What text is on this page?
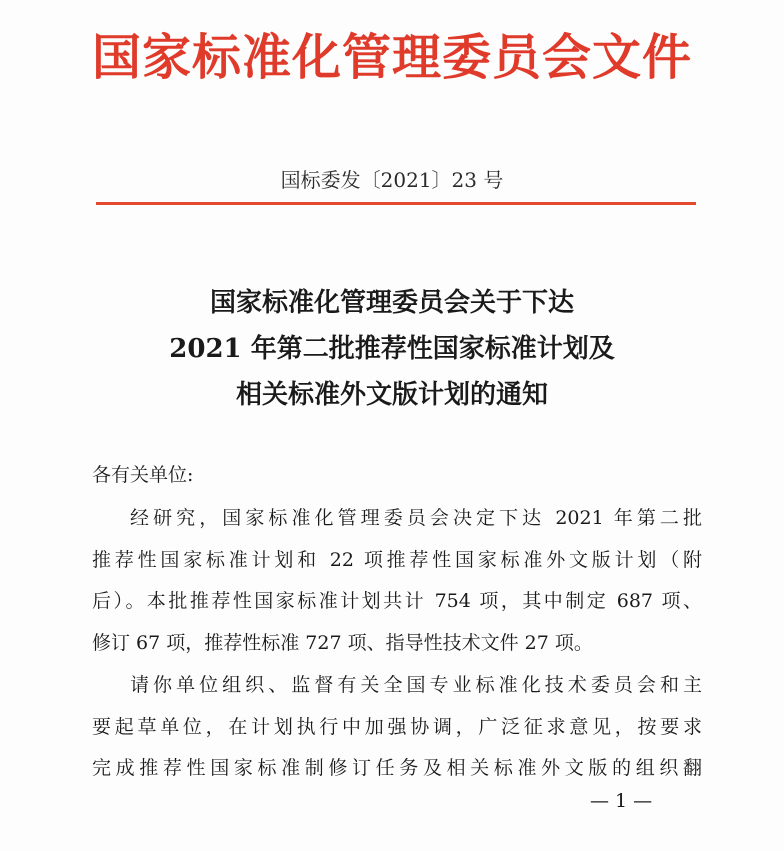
国家标准化管理委员会文件
国标委发〔2021〕23 号
国家标准化管理委员会关于下达
2021 年第二批推荐性国家标准计划及
相关标准外文版计划的通知
各有关单位:
经研究，国家标准化管理委员会决定下达 2021 年第二批
推荐性国家标准计划和 22 项推荐性国家标准外文版计划（附
后）。本批推荐性国家标准计划共计 754 项，其中制定 687 项、
修订 67 项，推荐性标准 727 项、指导性技术文件 27 项。
请你单位组织、监督有关全国专业标准化技术委员会和主
要起草单位，在计划执行中加强协调，广泛征求意见，按要求
完成推荐性国家标准制修订任务及相关标准外文版的组织翻
— 1 —
